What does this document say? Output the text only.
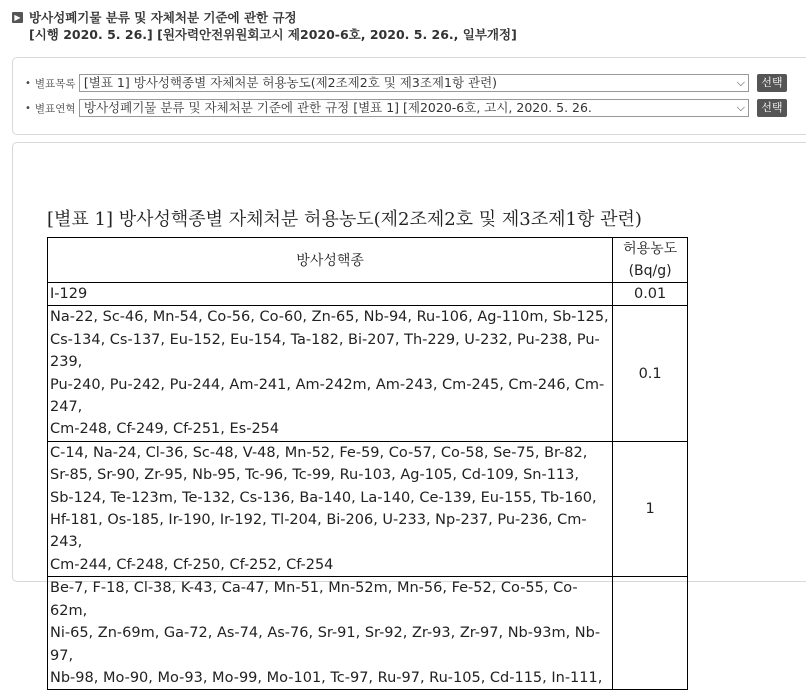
▶ 방사성폐기물 분류 및 자체처분 기준에 관한 규정
[시행 2020. 5. 26.] [원자력안전위원회고시 제2020-6호, 2020. 5. 26., 일부개정]
• 별표목록 [별표 1] 방사성핵종별 자체처분 허용농도(제2조제2호 및 제3조제1항 관련)	⌵	선택
• 별표연혁 방사성폐기물 분류 및 자체처분 기준에 관한 규정 [별표 1] [제2020-6호, 고시, 2020. 5. 26.	⌵	선택
[별표 1] 방사성핵종별 자체처분 허용농도(제2조제2호 및 제3조제1항 관련)
방사성핵종	허용농도
(Bq/g)
I-129	0.01
Na-22, Sc-46, Mn-54, Co-56, Co-60, Zn-65, Nb-94, Ru-106, Ag-110m, Sb-125,
Cs-134, Cs-137, Eu-152, Eu-154, Ta-182, Bi-207, Th-229, U-232, Pu-238, Pu-239,
Pu-240, Pu-242, Pu-244, Am-241, Am-242m, Am-243, Cm-245, Cm-246, Cm-247,
Cm-248, Cf-249, Cf-251, Es-254	0.1
C-14, Na-24, Cl-36, Sc-48, V-48, Mn-52, Fe-59, Co-57, Co-58, Se-75, Br-82,
Sr-85, Sr-90, Zr-95, Nb-95, Tc-96, Tc-99, Ru-103, Ag-105, Cd-109, Sn-113,
Sb-124, Te-123m, Te-132, Cs-136, Ba-140, La-140, Ce-139, Eu-155, Tb-160,
Hf-181, Os-185, Ir-190, Ir-192, Tl-204, Bi-206, U-233, Np-237, Pu-236, Cm-243,
Cm-244, Cf-248, Cf-250, Cf-252, Cf-254	1
Be-7, F-18, Cl-38, K-43, Ca-47, Mn-51, Mn-52m, Mn-56, Fe-52, Co-55, Co-62m,
Ni-65, Zn-69m, Ga-72, As-74, As-76, Sr-91, Sr-92, Zr-93, Zr-97, Nb-93m, Nb-97,
Nb-98, Mo-90, Mo-93, Mo-99, Mo-101, Tc-97, Ru-97, Ru-105, Cd-115, In-111,	
